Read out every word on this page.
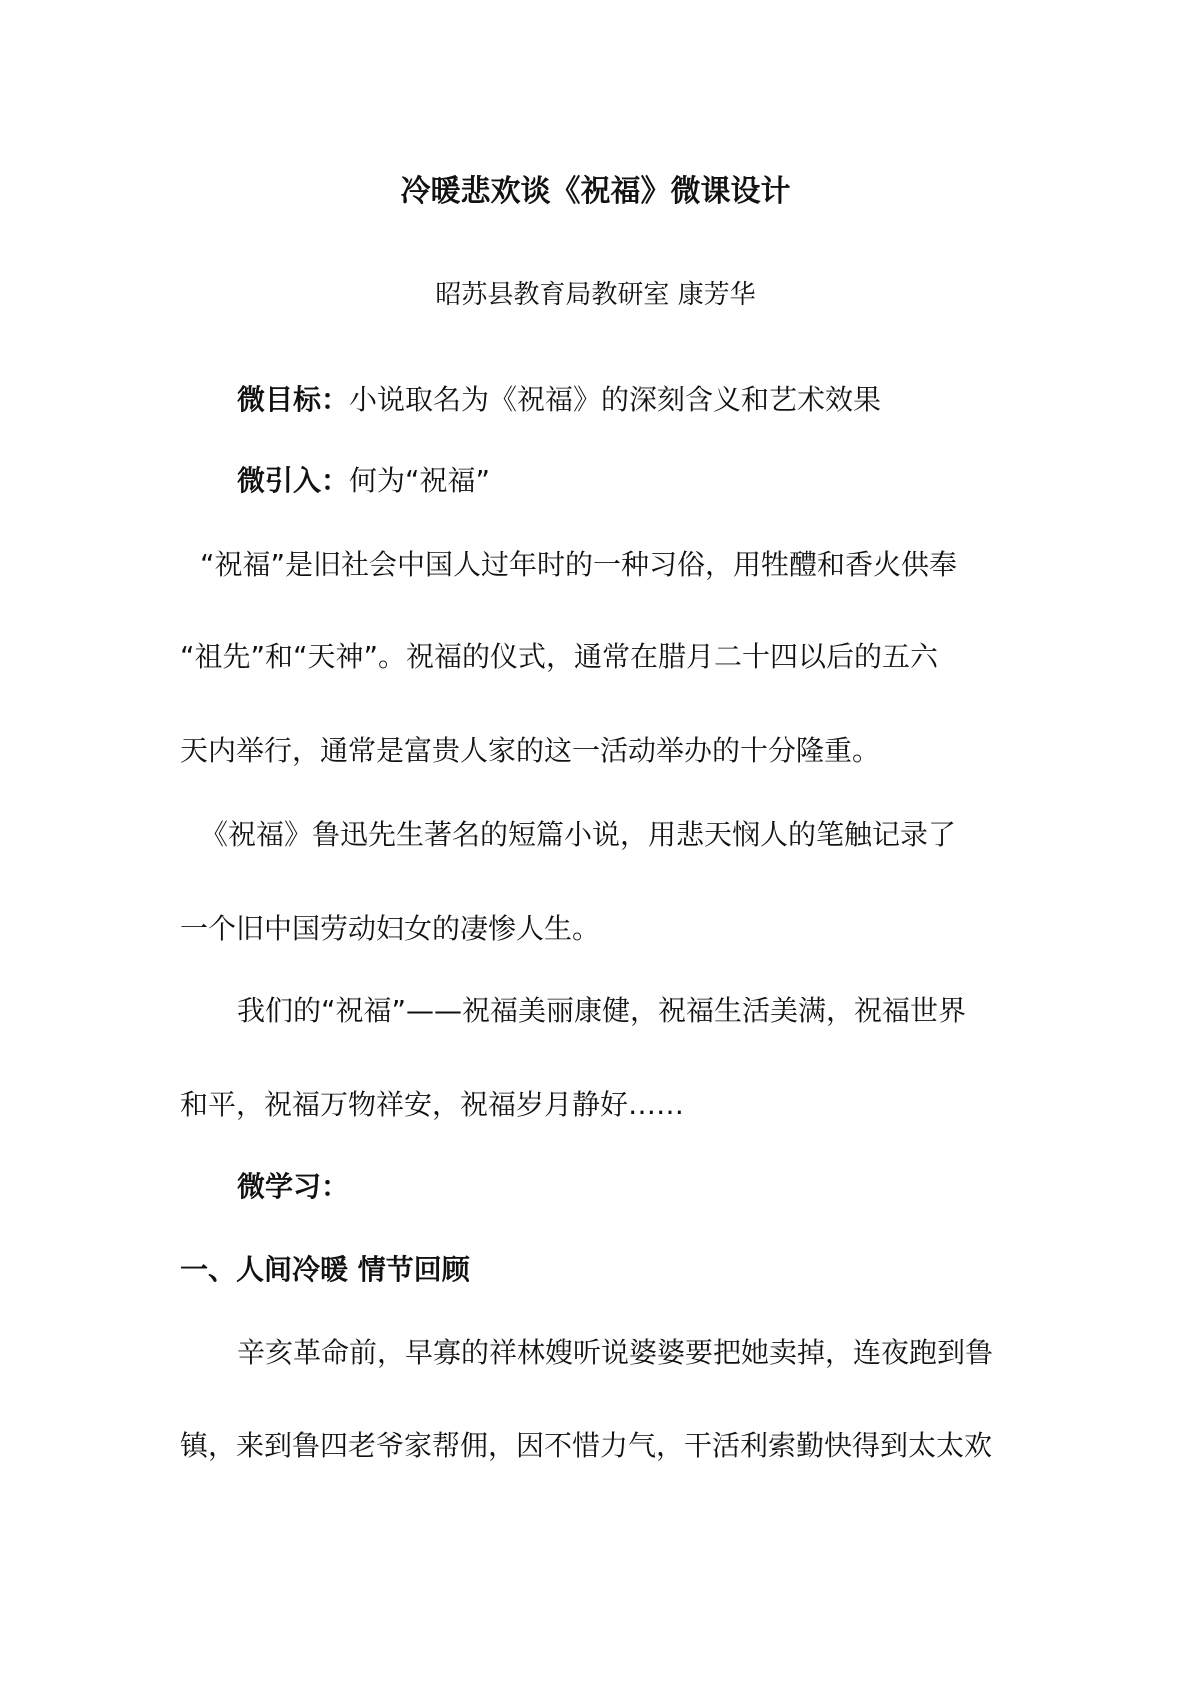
冷暖悲欢谈《祝福》微课设计
昭苏县教育局教研室 康芳华
微目标：小说取名为《祝福》的深刻含义和艺术效果
微引入：何为“祝福”
“祝福”是旧社会中国人过年时的一种习俗，用牲醴和香火供奉
“祖先”和“天神”。祝福的仪式，通常在腊月二十四以后的五六
天内举行，通常是富贵人家的这一活动举办的十分隆重。
《祝福》鲁迅先生著名的短篇小说，用悲天悯人的笔触记录了
一个旧中国劳动妇女的凄惨人生。
我们的“祝福”——祝福美丽康健，祝福生活美满，祝福世界
和平，祝福万物祥安，祝福岁月静好……
微学习：
一、人间冷暖 情节回顾
辛亥革命前，早寡的祥林嫂听说婆婆要把她卖掉，连夜跑到鲁
镇，来到鲁四老爷家帮佣，因不惜力气，干活利索勤快得到太太欢
